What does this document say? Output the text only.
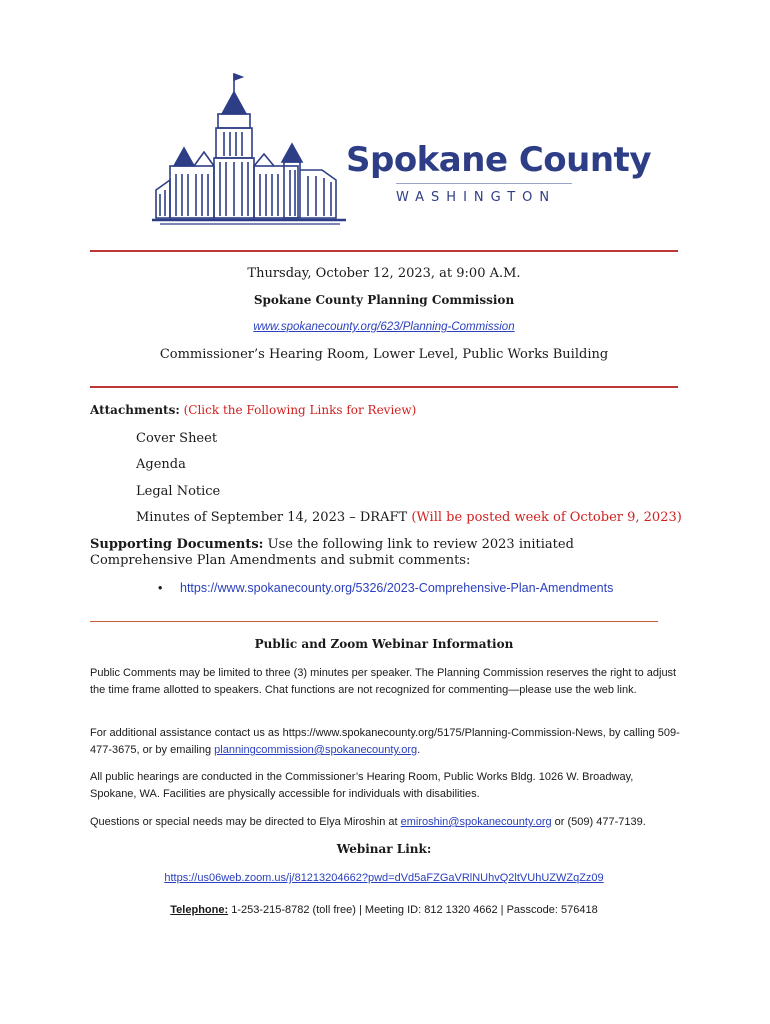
Spokane County
WASHINGTON
Thursday, October 12, 2023, at 9:00 A.M.
Spokane County Planning Commission
www.spokanecounty.org/623/Planning-Commission
Commissioner’s Hearing Room, Lower Level, Public Works Building
Attachments: (Click the Following Links for Review)
Cover Sheet
Agenda
Legal Notice
Minutes of September 14, 2023 – DRAFT (Will be posted week of October 9, 2023)
Supporting Documents: Use the following link to review 2023 initiated Comprehensive Plan Amendments and submit comments:
• https://www.spokanecounty.org/5326/2023-Comprehensive-Plan-Amendments
Public and Zoom Webinar Information
Public Comments may be limited to three (3) minutes per speaker. The Planning Commission reserves the right to adjust the time frame allotted to speakers. Chat functions are not recognized for commenting—please use the web link.
For additional assistance contact us as https://www.spokanecounty.org/5175/Planning-Commission-News, by calling 509-477-3675, or by emailing planningcommission@spokanecounty.org.
All public hearings are conducted in the Commissioner’s Hearing Room, Public Works Bldg. 1026 W. Broadway, Spokane, WA. Facilities are physically accessible for individuals with disabilities.
Questions or special needs may be directed to Elya Miroshin at emiroshin@spokanecounty.org or (509) 477-7139.
Webinar Link:
https://us06web.zoom.us/j/81213204662?pwd=dVd5aFZGaVRlNUhvQ2ltVUhUZWZqZz09
Telephone: 1-253-215-8782 (toll free) | Meeting ID: 812 1320 4662 | Passcode: 576418
